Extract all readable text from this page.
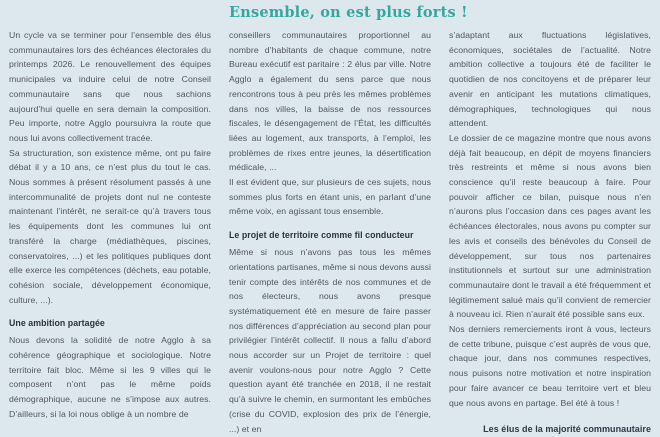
Un cycle va se terminer pour l’ensemble des élus communautaires lors des échéances électorales du printemps 2026. Le renouvellement des équipes municipales va induire celui de notre Conseil communautaire sans que nous sachions aujourd’hui quelle en sera demain la composition. Peu importe, notre Agglo poursuivra la route que nous lui avons collectivement tracée.

Sa structuration, son existence même, ont pu faire débat il y a 10 ans, ce n’est plus du tout le cas. Nous sommes à présent résolument passés à une intercommunalité de projets dont nul ne conteste maintenant l’intérêt, ne serait-ce qu’à travers tous les équipements dont les communes lui ont transféré la charge (médiathèques, piscines, conservatoires, ...) et les politiques publiques dont elle exerce les compétences (déchets, eau potable, cohésion sociale, développement économique, culture, ...).

Une ambition partagée

Nous devons la solidité de notre Agglo à sa cohérence géographique et sociologique. Notre territoire fait bloc. Même si les 9 villes qui le composent n’ont pas le même poids démographique, aucune ne s’impose aux autres. D’ailleurs, si la loi nous oblige à un nombre de

Ensemble, on est plus forts !

conseillers communautaires proportionnel au nombre d’habitants de chaque commune, notre Bureau exécutif est paritaire : 2 élus par ville. Notre Agglo a également du sens parce que nous rencontrons tous à peu près les mêmes problèmes dans nos villes, la baisse de nos ressources fiscales, le désengagement de l’État, les difficultés liées au logement, aux transports, à l’emploi, les problèmes de rixes entre jeunes, la désertification médicale, ...

Il est évident que, sur plusieurs de ces sujets, nous sommes plus forts en étant unis, en parlant d’une même voix, en agissant tous ensemble.

Le projet de territoire comme fil conducteur

Même si nous n’avons pas tous les mêmes orientations partisanes, même si nous devons aussi tenir compte des intérêts de nos communes et de nos électeurs, nous avons presque systématiquement été en mesure de faire passer nos différences d’appréciation au second plan pour privilégier l’intérêt collectif. Il nous a fallu d’abord nous accorder sur un Projet de territoire : quel avenir voulons-nous pour notre Agglo ? Cette question ayant été tranchée en 2018, il ne restait qu’à suivre le chemin, en surmontant les embûches (crise du COVID, explosion des prix de l’énergie, ...) et en

s’adaptant aux fluctuations législatives, économiques, sociétales de l’actualité. Notre ambition collective a toujours été de faciliter le quotidien de nos concitoyens et de préparer leur avenir en anticipant les mutations climatiques, démographiques, technologiques qui nous attendent.

Le dossier de ce magazine montre que nous avons déjà fait beaucoup, en dépit de moyens financiers très restreints et même si nous avons bien conscience qu’il reste beaucoup à faire. Pour pouvoir afficher ce bilan, puisque nous n’en n’aurons plus l’occasion dans ces pages avant les échéances électorales, nous avons pu compter sur les avis et conseils des bénévoles du Conseil de développement, sur tous nos partenaires institutionnels et surtout sur une administration communautaire dont le travail a été fréquemment et légitimement salué mais qu’il convient de remercier à nouveau ici. Rien n’aurait été possible sans eux.

Nos derniers remerciements iront à vous, lecteurs de cette tribune, puisque c’est auprès de vous que, chaque jour, dans nos communes respectives, nous puisons notre motivation et notre inspiration pour faire avancer ce beau territoire vert et bleu que nous avons en partage. Bel été à tous !

Les élus de la majorité communautaire
